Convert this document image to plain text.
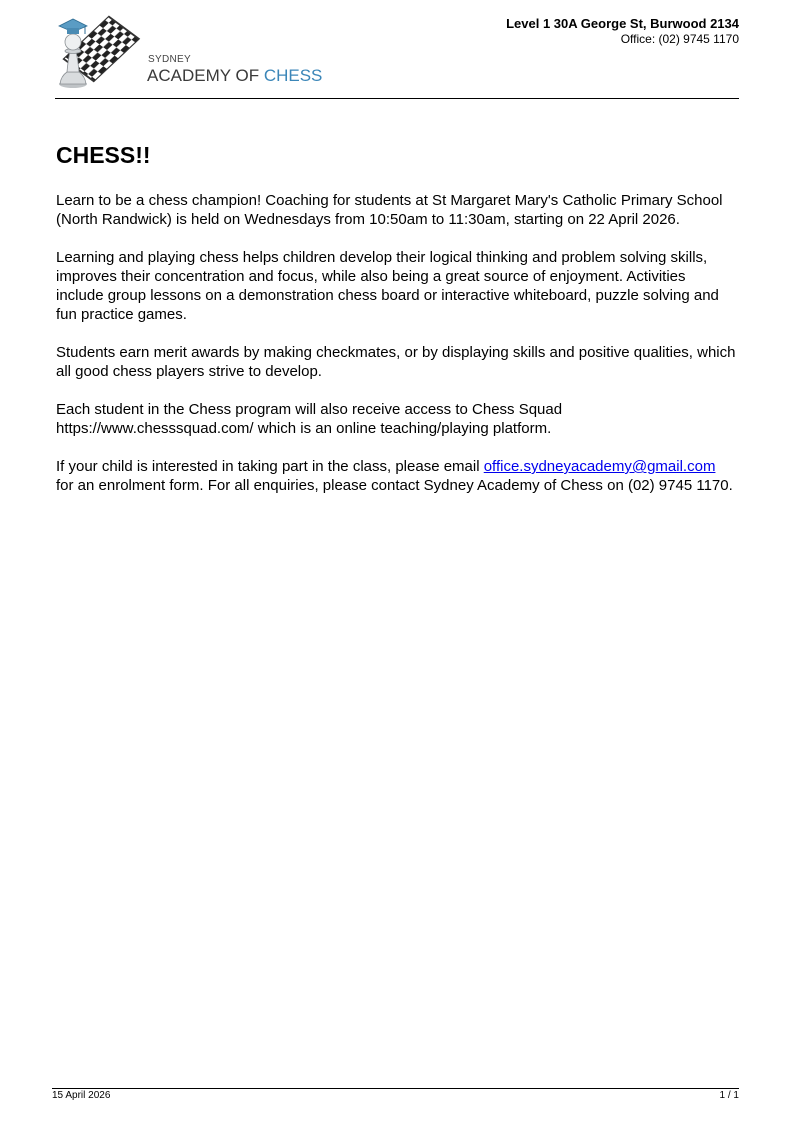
SYDNEY
ACADEMY OF CHESS
Level 1 30A George St, Burwood 2134
Office: (02) 9745 1170
CHESS!!

Learn to be a chess champion! Coaching for students at St Margaret Mary's Catholic Primary School (North Randwick) is held on Wednesdays from 10:50am to 11:30am, starting on 22 April 2026.

Learning and playing chess helps children develop their logical thinking and problem solving skills, improves their concentration and focus, while also being a great source of enjoyment. Activities include group lessons on a demonstration chess board or interactive whiteboard, puzzle solving and fun practice games.

Students earn merit awards by making checkmates, or by displaying skills and positive qualities, which all good chess players strive to develop.

Each student in the Chess program will also receive access to Chess Squad https://www.chesssquad.com/ which is an online teaching/playing platform.

If your child is interested in taking part in the class, please email office.sydneyacademy@gmail.com for an enrolment form. For all enquiries, please contact Sydney Academy of Chess on (02) 9745 1170.

15 April 2026	1 / 1
